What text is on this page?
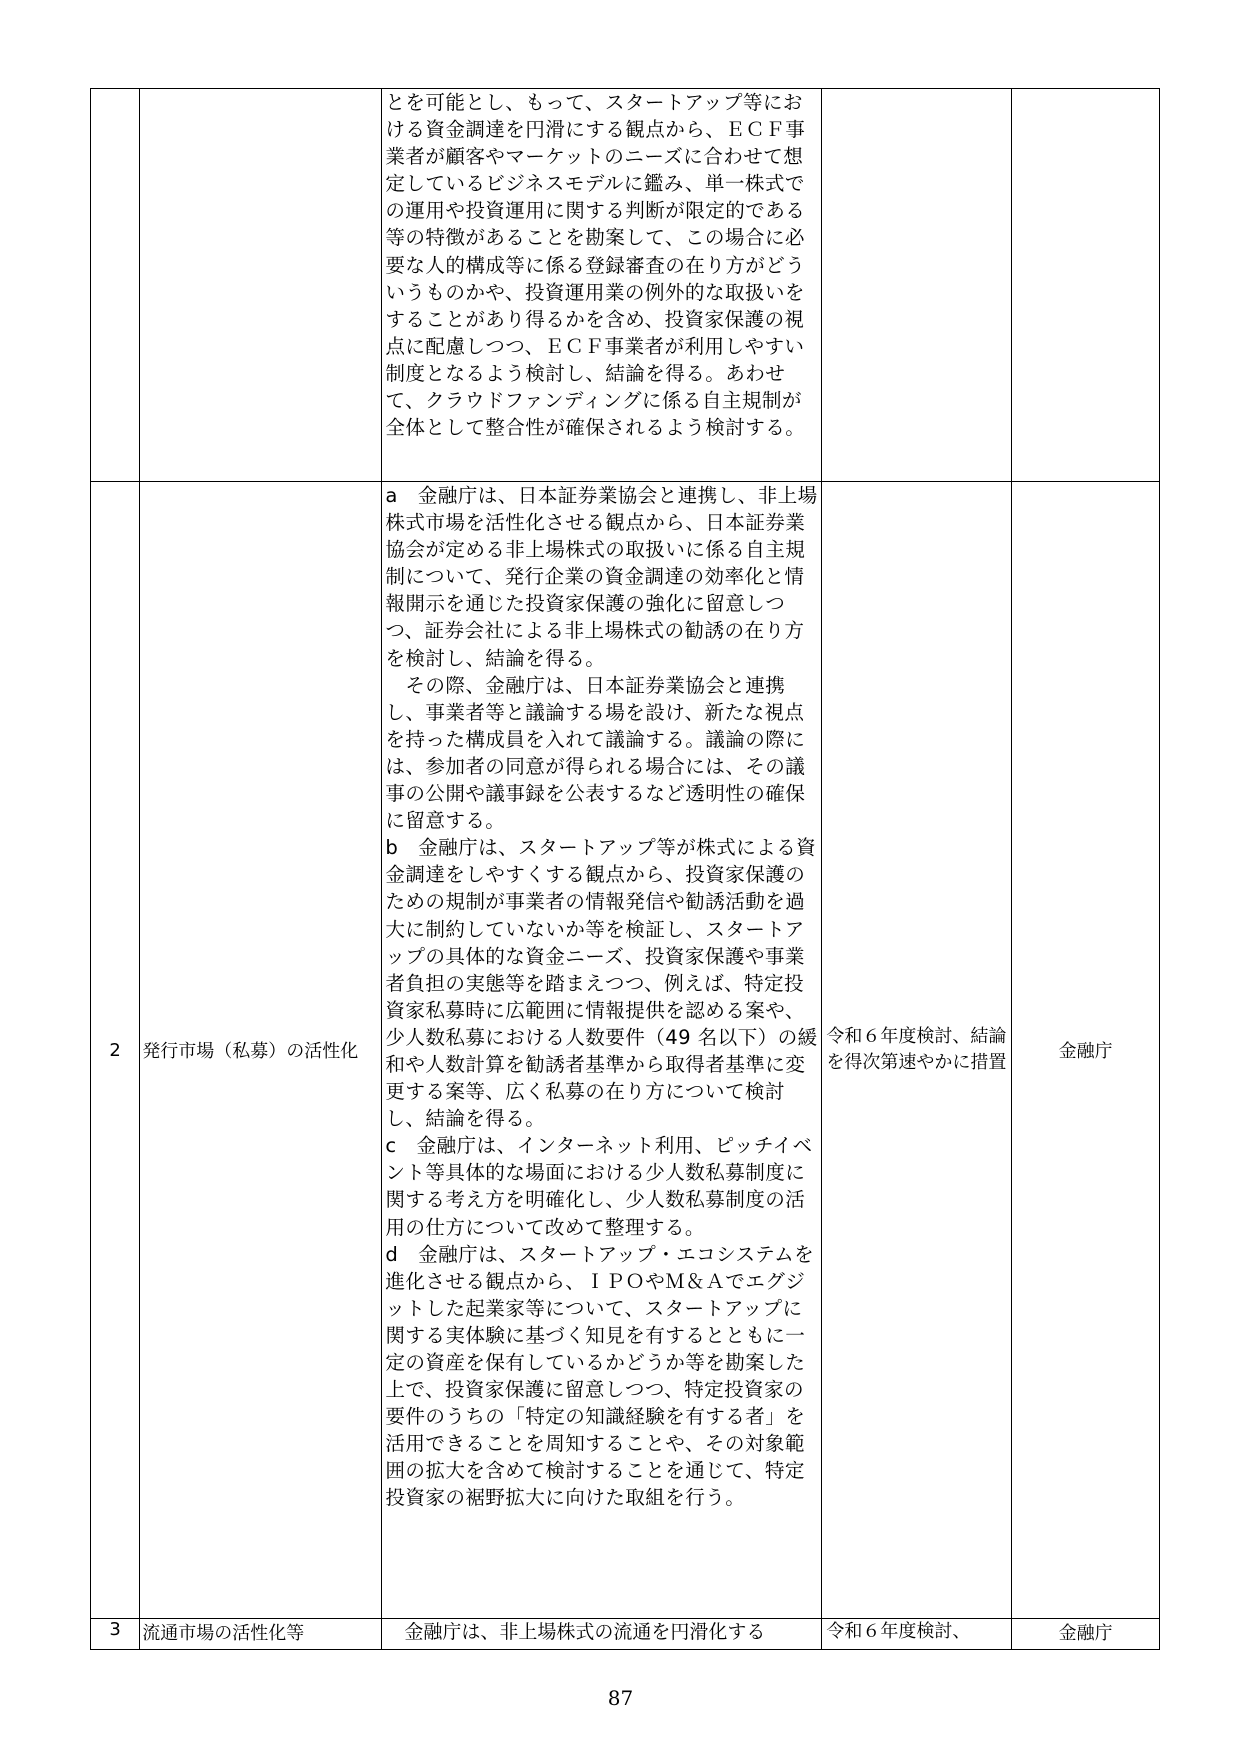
		とを可能とし、もって、スタートアップ等における資金調達を円滑にする観点から、ＥＣＦ事業者が顧客やマーケットのニーズに合わせて想定しているビジネスモデルに鑑み、単一株式での運用や投資運用に関する判断が限定的である等の特徴があることを勘案して、この場合に必要な人的構成等に係る登録審査の在り方がどういうものかや、投資運用業の例外的な取扱いをすることがあり得るかを含め、投資家保護の視点に配慮しつつ、ＥＣＦ事業者が利用しやすい制度となるよう検討し、結論を得る。あわせて、クラウドファンディングに係る自主規制が全体として整合性が確保されるよう検討する。		

2	発行市場（私募）の活性化	a　金融庁は、日本証券業協会と連携し、非上場株式市場を活性化させる観点から、日本証券業協会が定める非上場株式の取扱いに係る自主規制について、発行企業の資金調達の効率化と情報開示を通じた投資家保護の強化に留意しつつ、証券会社による非上場株式の勧誘の在り方を検討し、結論を得る。

　その際、金融庁は、日本証券業協会と連携し、事業者等と議論する場を設け、新たな視点を持った構成員を入れて議論する。議論の際には、参加者の同意が得られる場合には、その議事の公開や議事録を公表するなど透明性の確保に留意する。

b　金融庁は、スタートアップ等が株式による資金調達をしやすくする観点から、投資家保護のための規制が事業者の情報発信や勧誘活動を過大に制約していないか等を検証し、スタートアップの具体的な資金ニーズ、投資家保護や事業者負担の実態等を踏まえつつ、例えば、特定投資家私募時に広範囲に情報提供を認める案や、少人数私募における人数要件（49 名以下）の緩和や人数計算を勧誘者基準から取得者基準に変更する案等、広く私募の在り方について検討し、結論を得る。

c　金融庁は、インターネット利用、ピッチイベント等具体的な場面における少人数私募制度に関する考え方を明確化し、少人数私募制度の活用の仕方について改めて整理する。

d　金融庁は、スタートアップ・エコシステムを進化させる観点から、ＩＰＯやＭ＆Ａでエグジットした起業家等について、スタートアップに関する実体験に基づく知見を有するとともに一定の資産を保有しているかどうか等を勘案した上で、投資家保護に留意しつつ、特定投資家の要件のうちの「特定の知識経験を有する者」を活用できることを周知することや、その対象範囲の拡大を含めて検討することを通じて、特定投資家の裾野拡大に向けた取組を行う。	令和６年度検討、結論を得次第速やかに措置	金融庁
3	流通市場の活性化等	　金融庁は、非上場株式の流通を円滑化する	令和６年度検討、	金融庁
87
